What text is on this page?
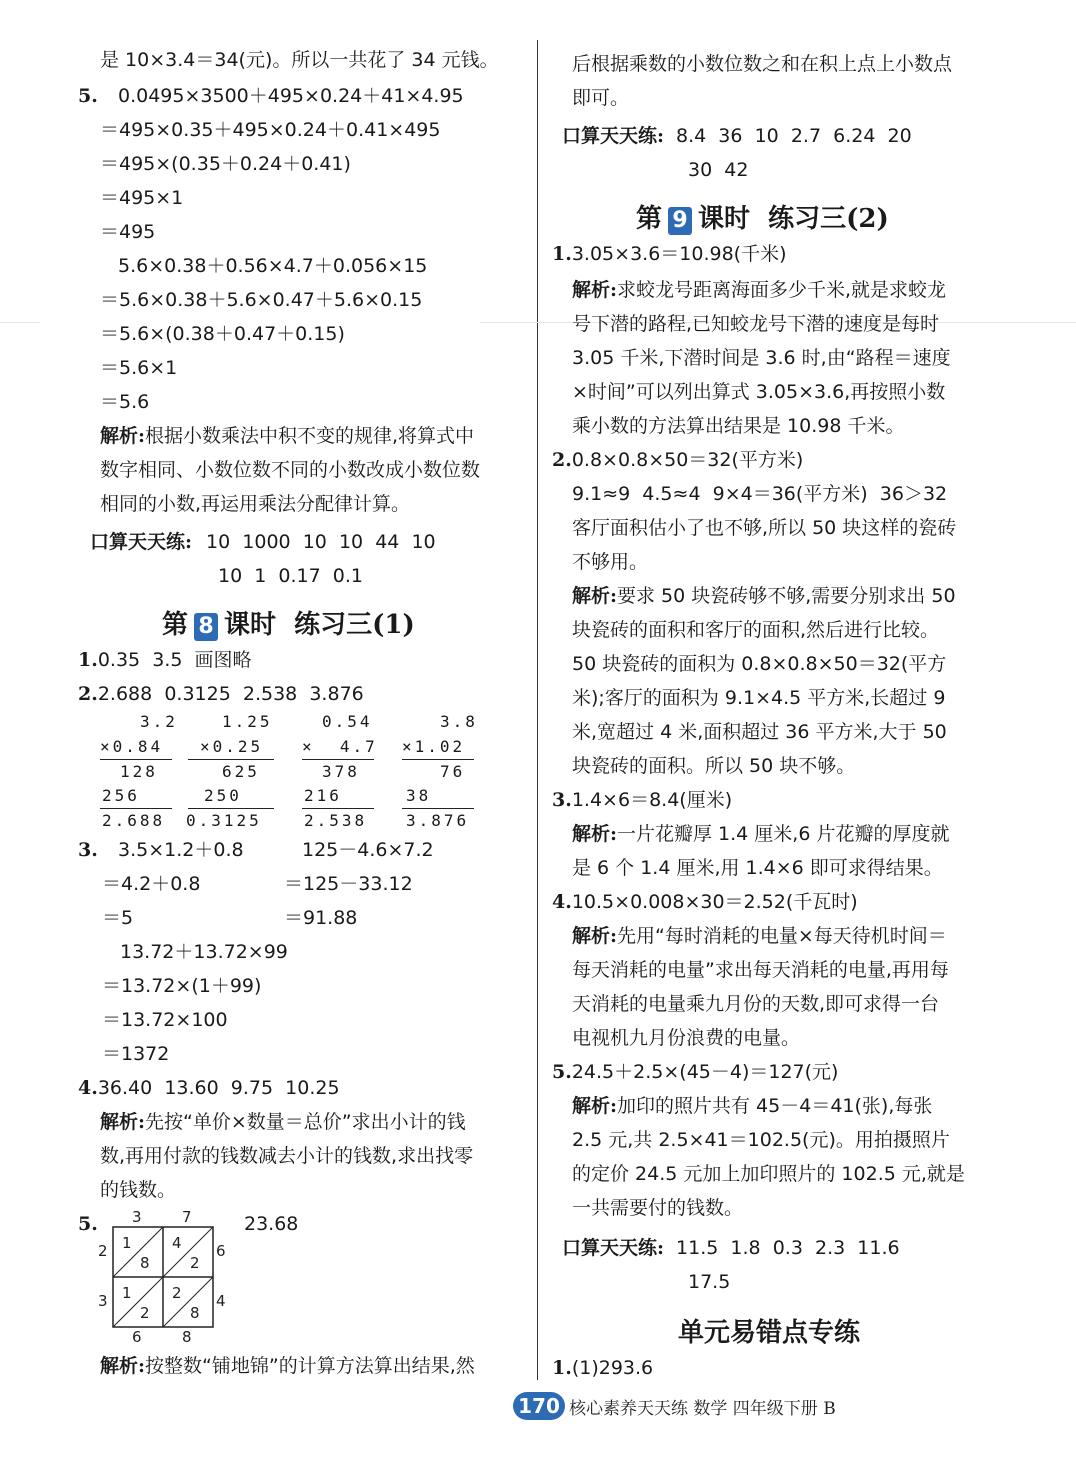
是 10×3.4＝34(元)。所以一共花了 34 元钱。
5. 0.0495×3500＋495×0.24＋41×4.95
＝495×0.35＋495×0.24＋0.41×495
＝495×(0.35＋0.24＋0.41)
＝495×1
＝495
5.6×0.38＋0.56×4.7＋0.056×15
＝5.6×0.38＋5.6×0.47＋5.6×0.15
＝5.6×(0.38＋0.47＋0.15)
＝5.6×1
＝5.6
解析:根据小数乘法中积不变的规律,将算式中
数字相同、小数位数不同的小数改成小数位数
相同的小数,再运用乘法分配律计算。
口算天天练: 10  1000  10  10  44  10
10  1  0.17  0.1
第 8 课时  练习三(1)
1.0.35  3.5  画图略
2.2.688  0.3125  2.538  3.876
3.2
×0.84
128
256
2.688
1.25
×0.25
625
250
0.3125
0.54
×  4.7
378
216
2.538
3.8
×1.02
76
38
3.876
3. 3.5×1.2＋0.8
＝4.2＋0.8
＝5
125－4.6×7.2
＝125－33.12
＝91.88
13.72＋13.72×99
＝13.72×(1＋99)
＝13.72×100
＝1372
4.36.40  13.60  9.75  10.25
解析:先按“单价×数量＝总价”求出小计的钱
数,再用付款的钱数减去小计的钱数,求出找零
的钱数。
5.	23.68
3	7
2
3
6
4
6	8
1
8
4
2
1
2
2
8
解析:按整数“铺地锦”的计算方法算出结果,然
后根据乘数的小数位数之和在积上点上小数点
即可。
口算天天练: 8.4  36  10  2.7  6.24  20
30  42
第 9 课时  练习三(2)
1.3.05×3.6＝10.98(千米)
解析:求蛟龙号距离海面多少千米,就是求蛟龙
号下潜的路程,已知蛟龙号下潜的速度是每时
3.05 千米,下潜时间是 3.6 时,由“路程＝速度
×时间”可以列出算式 3.05×3.6,再按照小数
乘小数的方法算出结果是 10.98 千米。
2.0.8×0.8×50＝32(平方米)
9.1≈9  4.5≈4  9×4＝36(平方米)  36＞32
客厅面积估小了也不够,所以 50 块这样的瓷砖
不够用。
解析:要求 50 块瓷砖够不够,需要分别求出 50
块瓷砖的面积和客厅的面积,然后进行比较。
50 块瓷砖的面积为 0.8×0.8×50＝32(平方
米);客厅的面积为 9.1×4.5 平方米,长超过 9
米,宽超过 4 米,面积超过 36 平方米,大于 50
块瓷砖的面积。所以 50 块不够。
3.1.4×6＝8.4(厘米)
解析:一片花瓣厚 1.4 厘米,6 片花瓣的厚度就
是 6 个 1.4 厘米,用 1.4×6 即可求得结果。
4.10.5×0.008×30＝2.52(千瓦时)
解析:先用“每时消耗的电量×每天待机时间＝
每天消耗的电量”求出每天消耗的电量,再用每
天消耗的电量乘九月份的天数,即可求得一台
电视机九月份浪费的电量。
5.24.5＋2.5×(45－4)＝127(元)
解析:加印的照片共有 45－4＝41(张),每张
2.5 元,共 2.5×41＝102.5(元)。用拍摄照片
的定价 24.5 元加上加印照片的 102.5 元,就是
一共需要付的钱数。
口算天天练: 11.5  1.8  0.3  2.3  11.6
17.5
单元易错点专练
1.(1)293.6
170 核心素养天天练 数学 四年级下册 B
